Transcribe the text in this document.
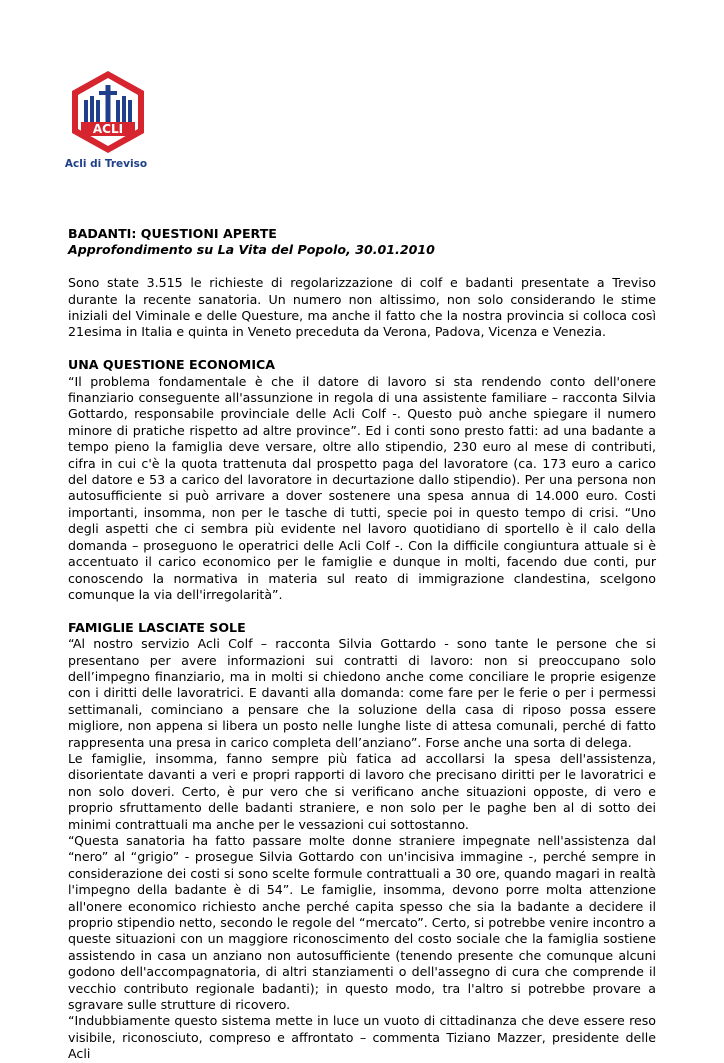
ACLI
Acli di Treviso

BADANTI: QUESTIONI APERTE

Approfondimento su La Vita del Popolo, 30.01.2010

Sono state 3.515 le richieste di regolarizzazione di colf e badanti presentate a Treviso durante la recente sanatoria. Un numero non altissimo, non solo considerando le stime iniziali del Viminale e delle Questure, ma anche il fatto che la nostra provincia si colloca così 21esima in Italia e quinta in Veneto preceduta da Verona, Padova, Vicenza e Venezia.

UNA QUESTIONE ECONOMICA

“Il problema fondamentale è che il datore di lavoro si sta rendendo conto dell'onere finanziario conseguente all'assunzione in regola di una assistente familiare – racconta Silvia Gottardo, responsabile provinciale delle Acli Colf -. Questo può anche spiegare il numero minore di pratiche rispetto ad altre province”. Ed i conti sono presto fatti: ad una badante a tempo pieno la famiglia deve versare, oltre allo stipendio, 230 euro al mese di contributi, cifra in cui c'è la quota trattenuta dal prospetto paga del lavoratore (ca. 173 euro a carico del datore e 53 a carico del lavoratore in decurtazione dallo stipendio). Per una persona non autosufficiente si può arrivare a dover sostenere una spesa annua di 14.000 euro. Costi importanti, insomma, non per le tasche di tutti, specie poi in questo tempo di crisi. “Uno degli aspetti che ci sembra più evidente nel lavoro quotidiano di sportello è il calo della domanda – proseguono le operatrici delle Acli Colf -. Con la difficile congiuntura attuale si è accentuato il carico economico per le famiglie e dunque in molti, facendo due conti, pur conoscendo la normativa in materia sul reato di immigrazione clandestina, scelgono comunque la via dell'irregolarità”.

FAMIGLIE LASCIATE SOLE

“Al nostro servizio Acli Colf – racconta Silvia Gottardo - sono tante le persone che si presentano per avere informazioni sui contratti di lavoro: non si preoccupano solo dell’impegno finanziario, ma in molti si chiedono anche come conciliare le proprie esigenze con i diritti delle lavoratrici. E davanti alla domanda: come fare per le ferie o per i permessi settimanali, cominciano a pensare che la soluzione della casa di riposo possa essere migliore, non appena si libera un posto nelle lunghe liste di attesa comunali, perché di fatto rappresenta una presa in carico completa dell’anziano”. Forse anche una sorta di delega.

Le famiglie, insomma, fanno sempre più fatica ad accollarsi la spesa dell'assistenza, disorientate davanti a veri e propri rapporti di lavoro che precisano diritti per le lavoratrici e non solo doveri. Certo, è pur vero che si verificano anche situazioni opposte, di vero e proprio sfruttamento delle badanti straniere, e non solo per le paghe ben al di sotto dei minimi contrattuali ma anche per le vessazioni cui sottostanno.

“Questa sanatoria ha fatto passare molte donne straniere impegnate nell'assistenza dal “nero” al “grigio” - prosegue Silvia Gottardo con un'incisiva immagine -, perché sempre in considerazione dei costi si sono scelte formule contrattuali a 30 ore, quando magari in realtà l'impegno della badante è di 54”. Le famiglie, insomma, devono porre molta attenzione all'onere economico richiesto anche perché capita spesso che sia la badante a decidere il proprio stipendio netto, secondo le regole del “mercato”. Certo, si potrebbe venire incontro a queste situazioni con un maggiore riconoscimento del costo sociale che la famiglia sostiene assistendo in casa un anziano non autosufficiente (tenendo presente che comunque alcuni godono dell'accompagnatoria, di altri stanziamenti o dell'assegno di cura che comprende il vecchio contributo regionale badanti); in questo modo, tra l'altro si potrebbe provare a sgravare sulle strutture di ricovero.

“Indubbiamente questo sistema mette in luce un vuoto di cittadinanza che deve essere reso visibile, riconosciuto, compreso e affrontato – commenta Tiziano Mazzer, presidente delle Acli
